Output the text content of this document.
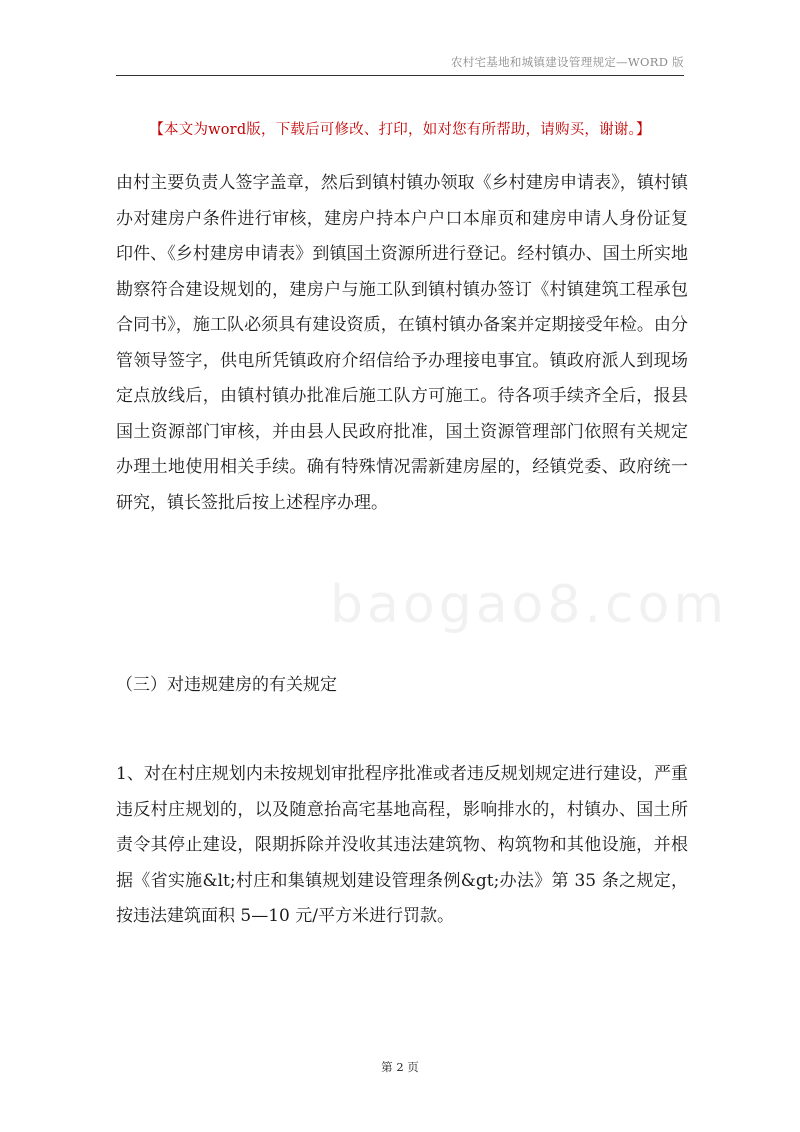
农村宅基地和城镇建设管理规定—WORD 版
【本文为word版，下载后可修改、打印，如对您有所帮助，请购买，谢谢。】
baogao8.com

由村主要负责人签字盖章，然后到镇村镇办领取《乡村建房申请表》，镇村镇办对建房户条件进行审核，建房户持本户户口本扉页和建房申请人身份证复印件、《乡村建房申请表》到镇国土资源所进行登记。经村镇办、国土所实地勘察符合建设规划的，建房户与施工队到镇村镇办签订《村镇建筑工程承包合同书》，施工队必须具有建设资质，在镇村镇办备案并定期接受年检。由分管领导签字，供电所凭镇政府介绍信给予办理接电事宜。镇政府派人到现场定点放线后，由镇村镇办批准后施工队方可施工。待各项手续齐全后，报县国土资源部门审核，并由县人民政府批准，国土资源管理部门依照有关规定办理土地使用相关手续。确有特殊情况需新建房屋的，经镇党委、政府统一研究，镇长签批后按上述程序办理。

（三）对违规建房的有关规定

1、对在村庄规划内未按规划审批程序批准或者违反规划规定进行建设，严重违反村庄规划的，以及随意抬高宅基地高程，影响排水的，村镇办、国土所责令其停止建设，限期拆除并没收其违法建筑物、构筑物和其他设施，并根据《省实施&lt;村庄和集镇规划建设管理条例&gt;办法》第 35 条之规定，按违法建筑面积 5—10 元/平方米进行罚款。

第 2 页
